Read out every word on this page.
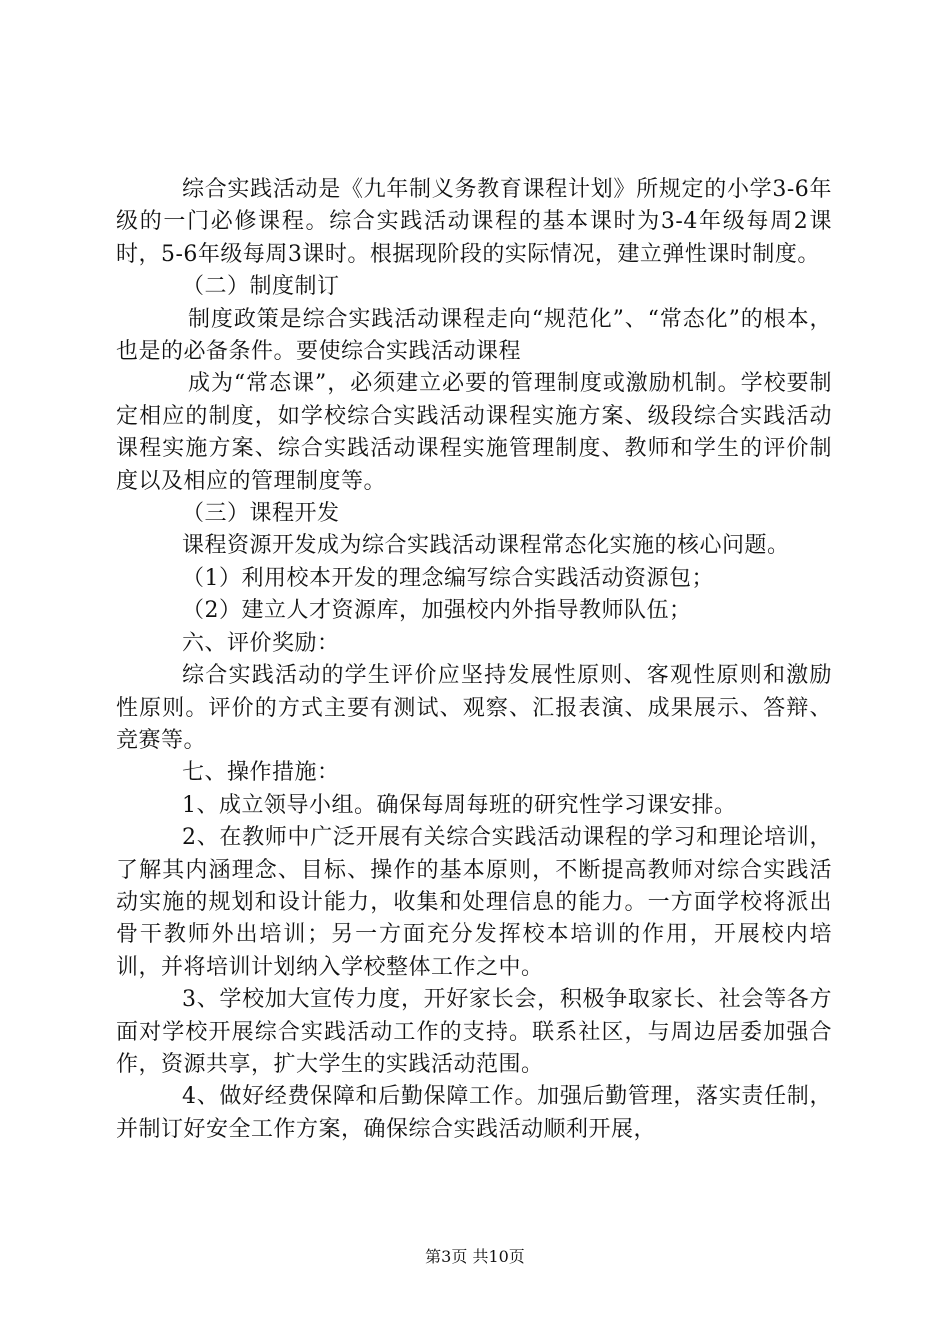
综合实践活动是《九年制义务教育课程计划》所规定的小学3-6年级的一门必修课程。综合实践活动课程的基本课时为3-4年级每周2课时，5-6年级每周3课时。根据现阶段的实际情况，建立弹性课时制度。

（二）制度制订

制度政策是综合实践活动课程走向“规范化”、“常态化”的根本，也是的必备条件。要使综合实践活动课程

成为“常态课”，必须建立必要的管理制度或激励机制。学校要制定相应的制度，如学校综合实践活动课程实施方案、级段综合实践活动课程实施方案、综合实践活动课程实施管理制度、教师和学生的评价制度以及相应的管理制度等。

（三）课程开发

课程资源开发成为综合实践活动课程常态化实施的核心问题。

（1）利用校本开发的理念编写综合实践活动资源包；

（2）建立人才资源库，加强校内外指导教师队伍；

六、评价奖励：

综合实践活动的学生评价应坚持发展性原则、客观性原则和激励性原则。评价的方式主要有测试、观察、汇报表演、成果展示、答辩、竞赛等。

七、操作措施：

1、成立领导小组。确保每周每班的研究性学习课安排。

2、在教师中广泛开展有关综合实践活动课程的学习和理论培训，了解其内涵理念、目标、操作的基本原则，不断提高教师对综合实践活动实施的规划和设计能力，收集和处理信息的能力。一方面学校将派出骨干教师外出培训；另一方面充分发挥校本培训的作用，开展校内培训，并将培训计划纳入学校整体工作之中。

3、学校加大宣传力度，开好家长会，积极争取家长、社会等各方面对学校开展综合实践活动工作的支持。联系社区，与周边居委加强合作，资源共享，扩大学生的实践活动范围。

4、做好经费保障和后勤保障工作。加强后勤管理，落实责任制，并制订好安全工作方案，确保综合实践活动顺利开展，

第3页 共10页
